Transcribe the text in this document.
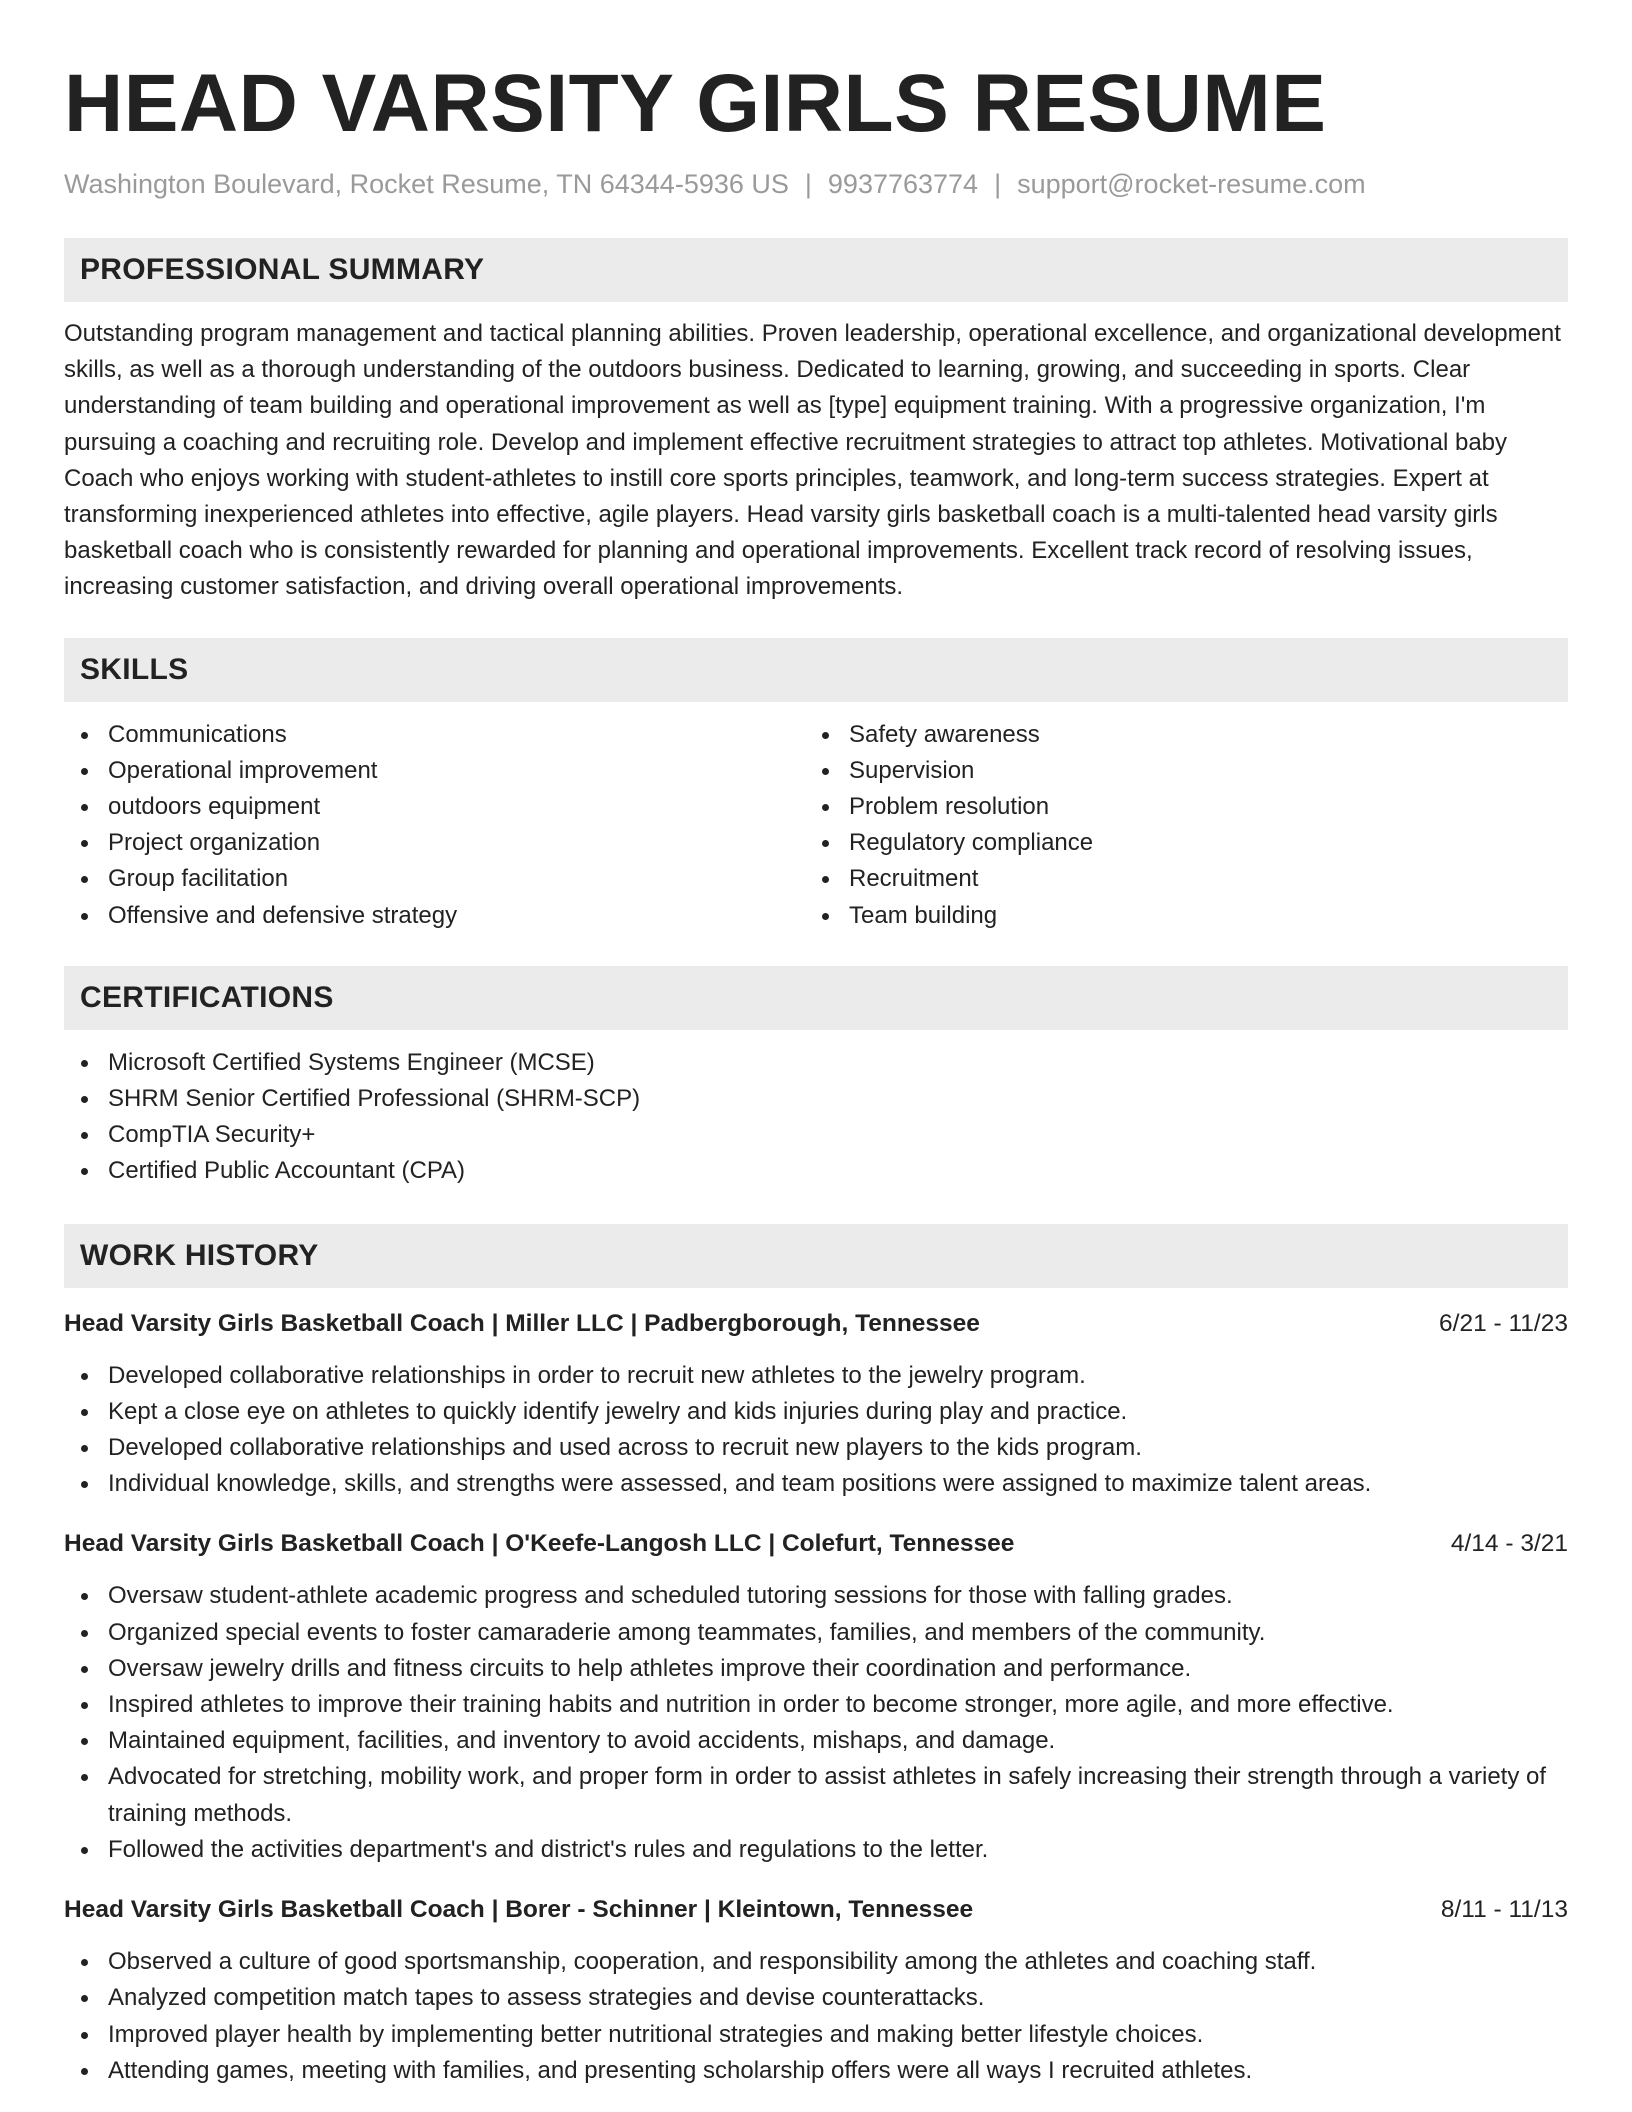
HEAD VARSITY GIRLS RESUME
Washington Boulevard, Rocket Resume, TN 64344-5936 US | 9937763774 | support@rocket-resume.com
PROFESSIONAL SUMMARY
Outstanding program management and tactical planning abilities. Proven leadership, operational excellence, and organizational development skills, as well as a thorough understanding of the outdoors business. Dedicated to learning, growing, and succeeding in sports. Clear understanding of team building and operational improvement as well as [type] equipment training. With a progressive organization, I'm pursuing a coaching and recruiting role. Develop and implement effective recruitment strategies to attract top athletes. Motivational baby Coach who enjoys working with student-athletes to instill core sports principles, teamwork, and long-term success strategies. Expert at transforming inexperienced athletes into effective, agile players. Head varsity girls basketball coach is a multi-talented head varsity girls basketball coach who is consistently rewarded for planning and operational improvements. Excellent track record of resolving issues, increasing customer satisfaction, and driving overall operational improvements.
SKILLS
Communications
Operational improvement
outdoors equipment
Project organization
Group facilitation
Offensive and defensive strategy
Safety awareness
Supervision
Problem resolution
Regulatory compliance
Recruitment
Team building
CERTIFICATIONS
Microsoft Certified Systems Engineer (MCSE)
SHRM Senior Certified Professional (SHRM-SCP)
CompTIA Security+
Certified Public Accountant (CPA)
WORK HISTORY
Head Varsity Girls Basketball Coach | Miller LLC | Padbergborough, Tennessee	6/21 - 11/23
Developed collaborative relationships in order to recruit new athletes to the jewelry program.
Kept a close eye on athletes to quickly identify jewelry and kids injuries during play and practice.
Developed collaborative relationships and used across to recruit new players to the kids program.
Individual knowledge, skills, and strengths were assessed, and team positions were assigned to maximize talent areas.
Head Varsity Girls Basketball Coach | O'Keefe-Langosh LLC | Colefurt, Tennessee	4/14 - 3/21
Oversaw student-athlete academic progress and scheduled tutoring sessions for those with falling grades.
Organized special events to foster camaraderie among teammates, families, and members of the community.
Oversaw jewelry drills and fitness circuits to help athletes improve their coordination and performance.
Inspired athletes to improve their training habits and nutrition in order to become stronger, more agile, and more effective.
Maintained equipment, facilities, and inventory to avoid accidents, mishaps, and damage.
Advocated for stretching, mobility work, and proper form in order to assist athletes in safely increasing their strength through a variety of training methods.
Followed the activities department's and district's rules and regulations to the letter.
Head Varsity Girls Basketball Coach | Borer - Schinner | Kleintown, Tennessee	8/11 - 11/13
Observed a culture of good sportsmanship, cooperation, and responsibility among the athletes and coaching staff.
Analyzed competition match tapes to assess strategies and devise counterattacks.
Improved player health by implementing better nutritional strategies and making better lifestyle choices.
Attending games, meeting with families, and presenting scholarship offers were all ways I recruited athletes.
